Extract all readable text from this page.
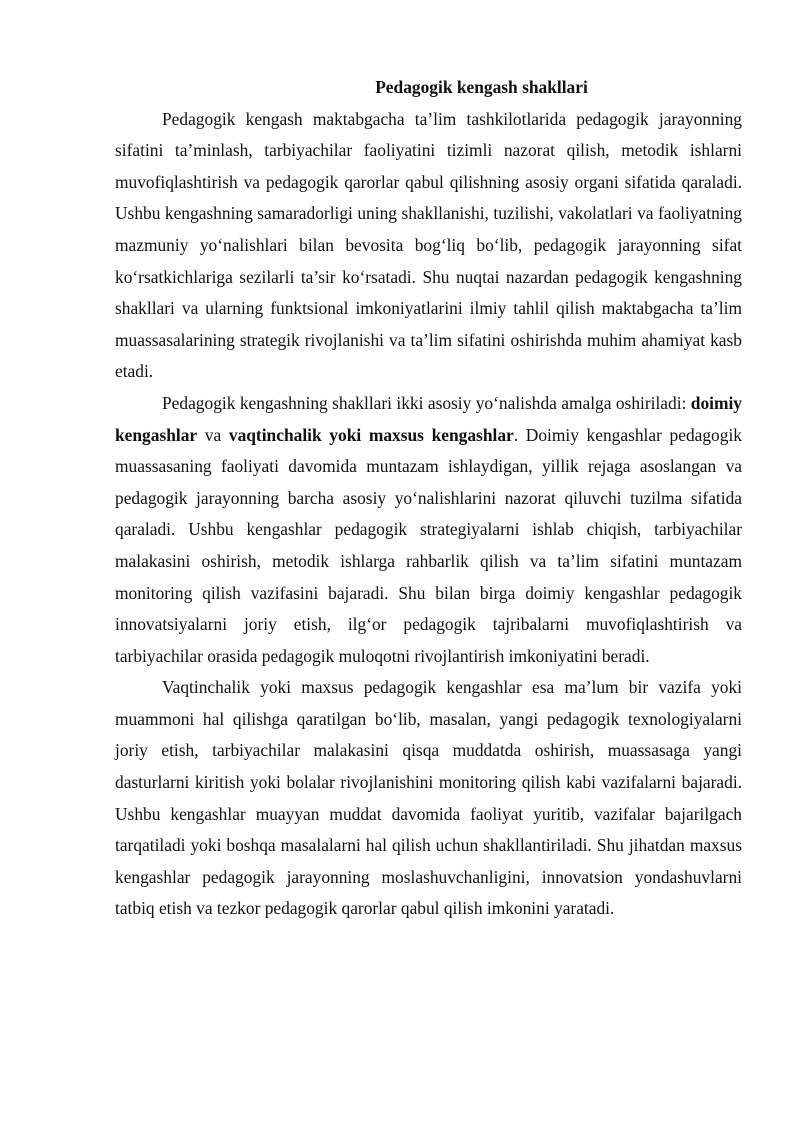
Pedagogik kengash shakllari

Pedagogik kengash maktabgacha ta’lim tashkilotlarida pedagogik jarayonning sifatini ta’minlash, tarbiyachilar faoliyatini tizimli nazorat qilish, metodik ishlarni muvofiqlashtirish va pedagogik qarorlar qabul qilishning asosiy organi sifatida qaraladi. Ushbu kengashning samaradorligi uning shakllanishi, tuzilishi, vakolatlari va faoliyatning mazmuniy yo‘nalishlari bilan bevosita bog‘liq bo‘lib, pedagogik jarayonning sifat ko‘rsatkichlariga sezilarli ta’sir ko‘rsatadi. Shu nuqtai nazardan pedagogik kengashning shakllari va ularning funktsional imkoniyatlarini ilmiy tahlil qilish maktabgacha ta’lim muassasalarining strategik rivojlanishi va ta’lim sifatini oshirishda muhim ahamiyat kasb etadi.

Pedagogik kengashning shakllari ikki asosiy yo‘nalishda amalga oshiriladi: doimiy kengashlar va vaqtinchalik yoki maxsus kengashlar. Doimiy kengashlar pedagogik muassasaning faoliyati davomida muntazam ishlaydigan, yillik rejaga asoslangan va pedagogik jarayonning barcha asosiy yo‘nalishlarini nazorat qiluvchi tuzilma sifatida qaraladi. Ushbu kengashlar pedagogik strategiyalarni ishlab chiqish, tarbiyachilar malakasini oshirish, metodik ishlarga rahbarlik qilish va ta’lim sifatini muntazam monitoring qilish vazifasini bajaradi. Shu bilan birga doimiy kengashlar pedagogik innovatsiyalarni joriy etish, ilg‘or pedagogik tajribalarni muvofiqlashtirish va tarbiyachilar orasida pedagogik muloqotni rivojlantirish imkoniyatini beradi.

Vaqtinchalik yoki maxsus pedagogik kengashlar esa ma’lum bir vazifa yoki muammoni hal qilishga qaratilgan bo‘lib, masalan, yangi pedagogik texnologiyalarni joriy etish, tarbiyachilar malakasini qisqa muddatda oshirish, muassasaga yangi dasturlarni kiritish yoki bolalar rivojlanishini monitoring qilish kabi vazifalarni bajaradi. Ushbu kengashlar muayyan muddat davomida faoliyat yuritib, vazifalar bajarilgach tarqatiladi yoki boshqa masalalarni hal qilish uchun shakllantiriladi. Shu jihatdan maxsus kengashlar pedagogik jarayonning moslashuvchanligini, innovatsion yondashuvlarni tatbiq etish va tezkor pedagogik qarorlar qabul qilish imkonini yaratadi.
